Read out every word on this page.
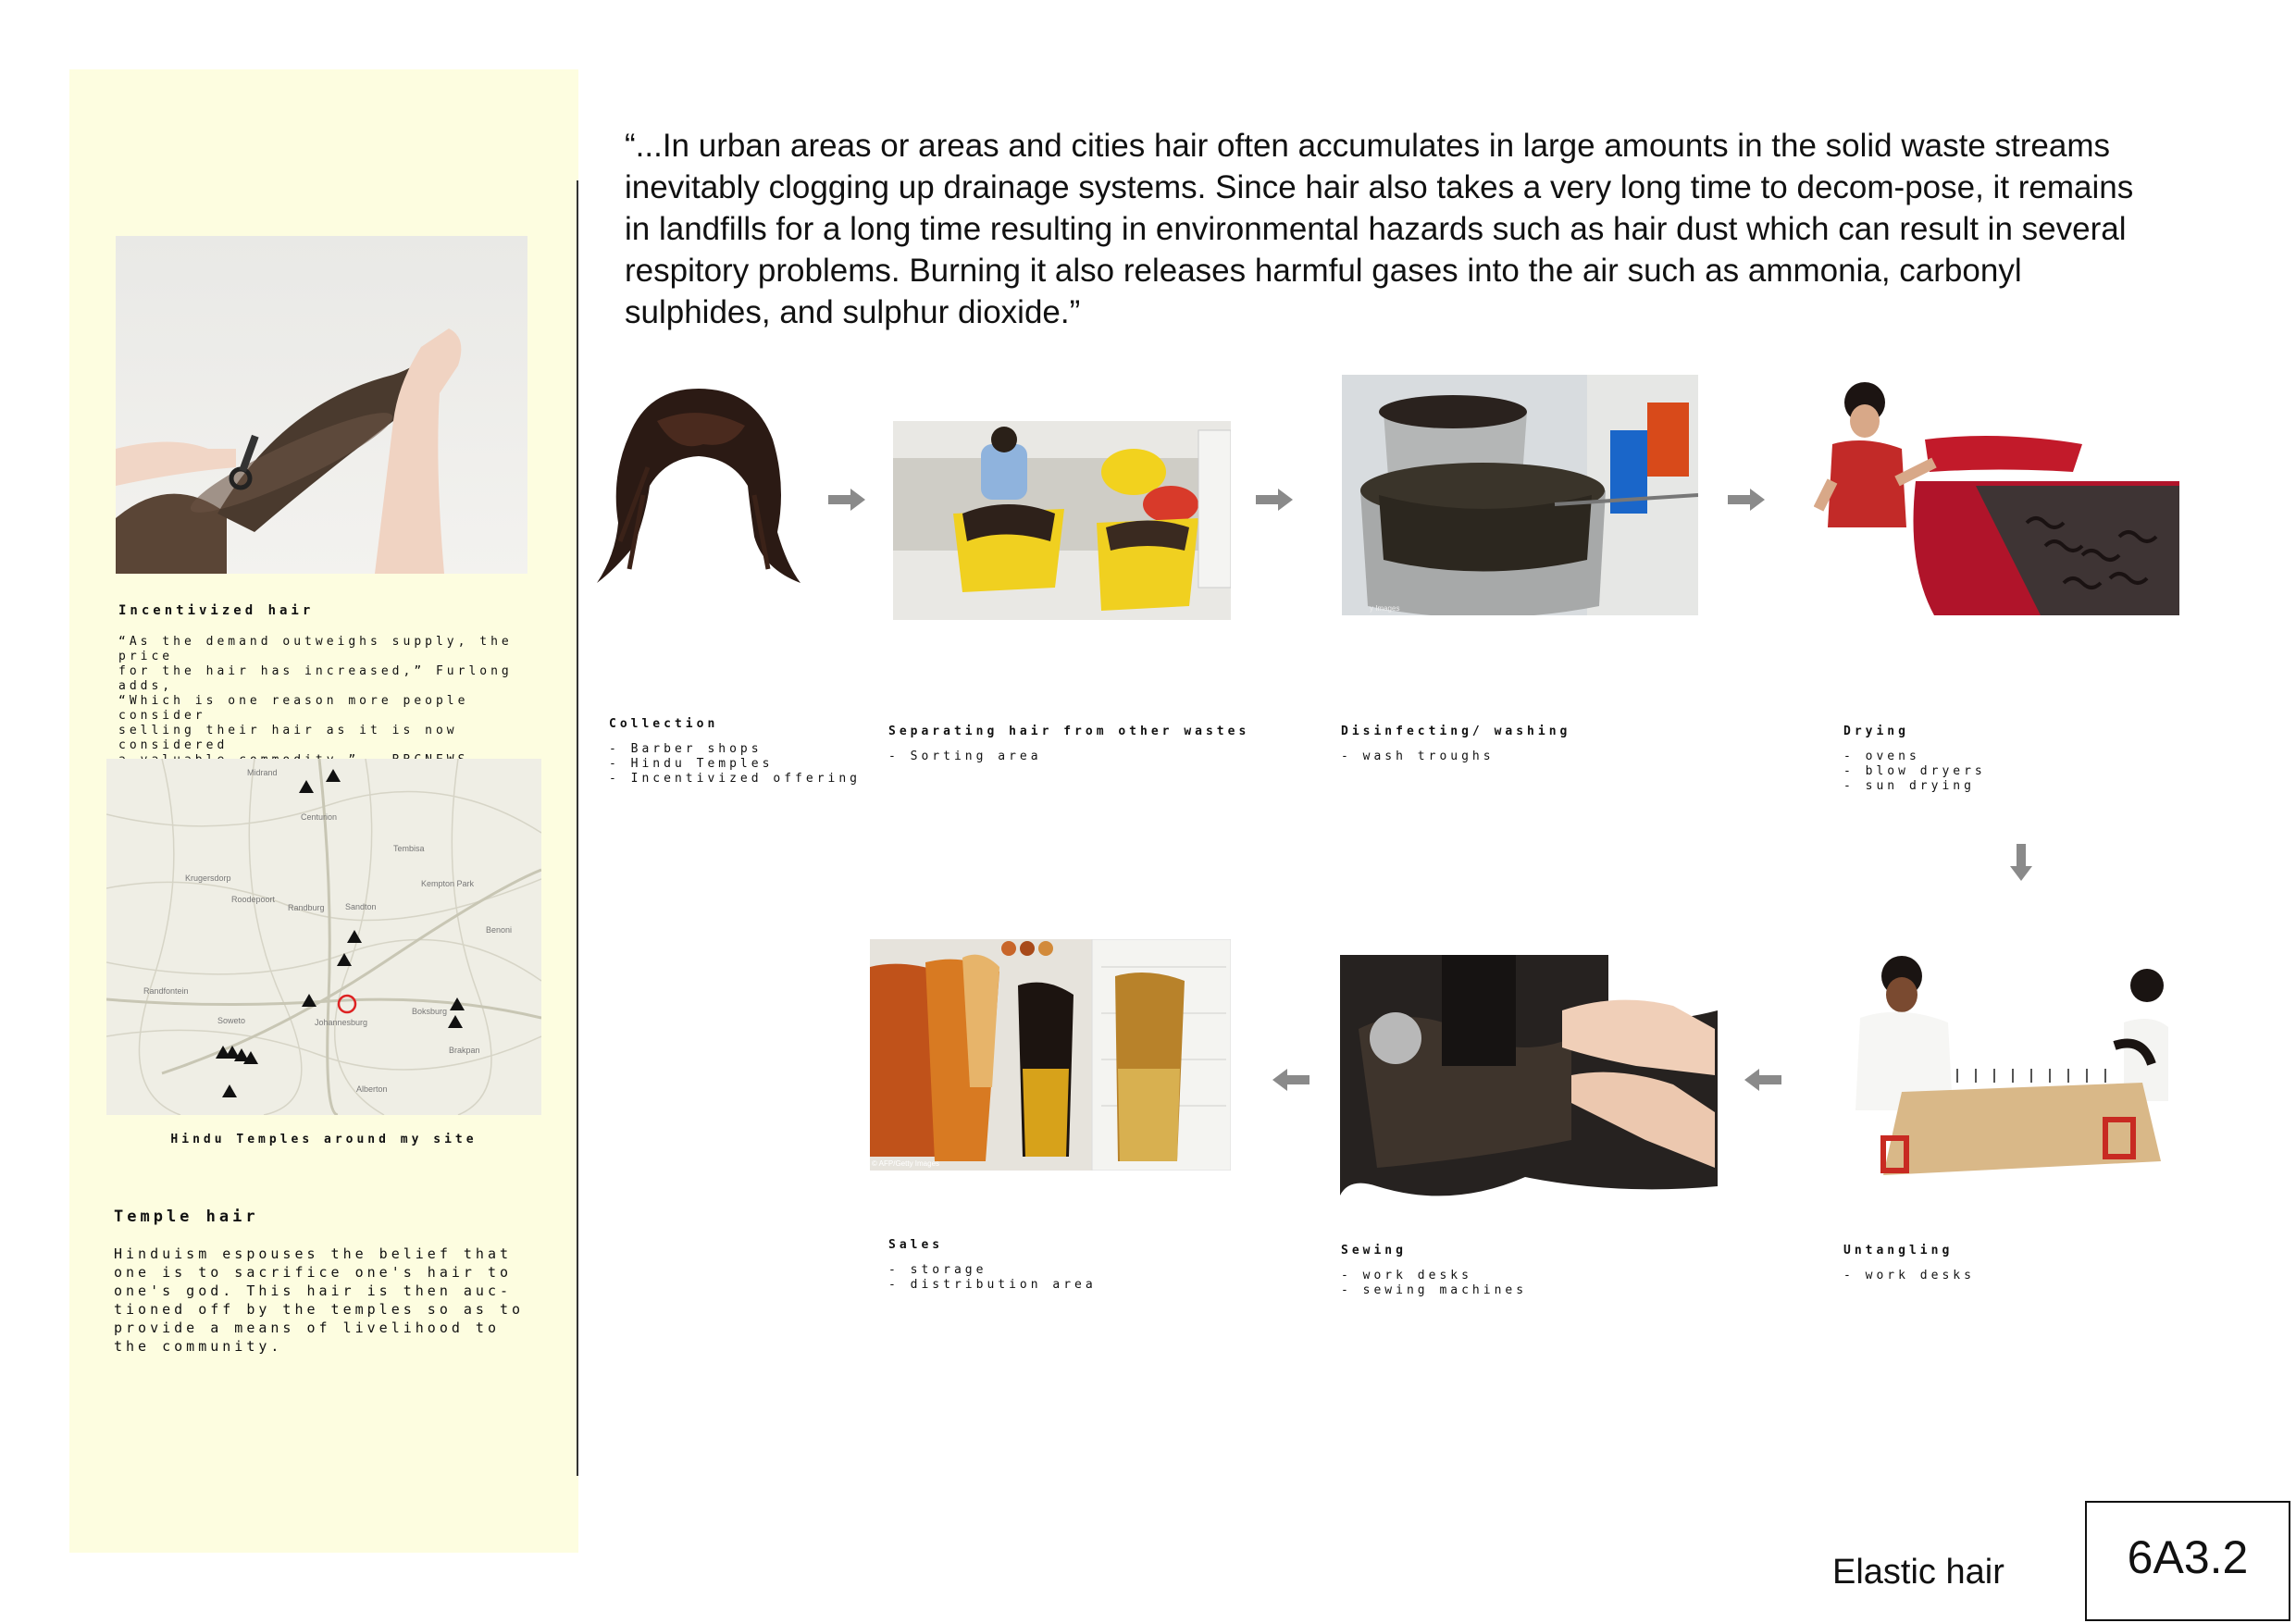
Incentivized hair
“As the demand outweighs supply, the price
for the hair has increased,” Furlong adds,
“Which is one reason more people consider
selling their hair as it is now considered

Midrand
Centurion
Tembisa
Krugersdorp
Roodepoort
Randburg Sandton
Kempton Park
Benoni
Randfontein
Soweto	Johannesburg
Boksburg
Brakpan
Alberton
Hindu Temples around my site
Temple hair
Hinduism espouses the belief that
one is to sacrifice one's hair to
one's god. This hair is then auc-
tioned off by the temples so as to
provide a means of livelihood to
the community.
“...In urban areas or areas and cities hair often accumulates in large amounts in the solid waste streams inevitably clogging up drainage systems. Since hair also takes a very long time to decom-pose, it remains in landfills for a long time resulting in environmental hazards such as hair dust which can result in several respitory problems. Burning it also releases harmful gases into the air such as ammonia, carbonyl sulphides, and sulphur dioxide.”
y Images
Collection
- Barber shops
- Hindu Temples
- Incentivized offering
Separating hair from other wastes
- Sorting area
Disinfecting/ washing
- wash troughs
Drying
- ovens
- blow dryers
- sun drying
© AFP/Getty Images
Sales
- storage
- distribution area
Sewing
- work desks
- sewing machines
Untangling
- work desks
Elastic hair	6A3.2
